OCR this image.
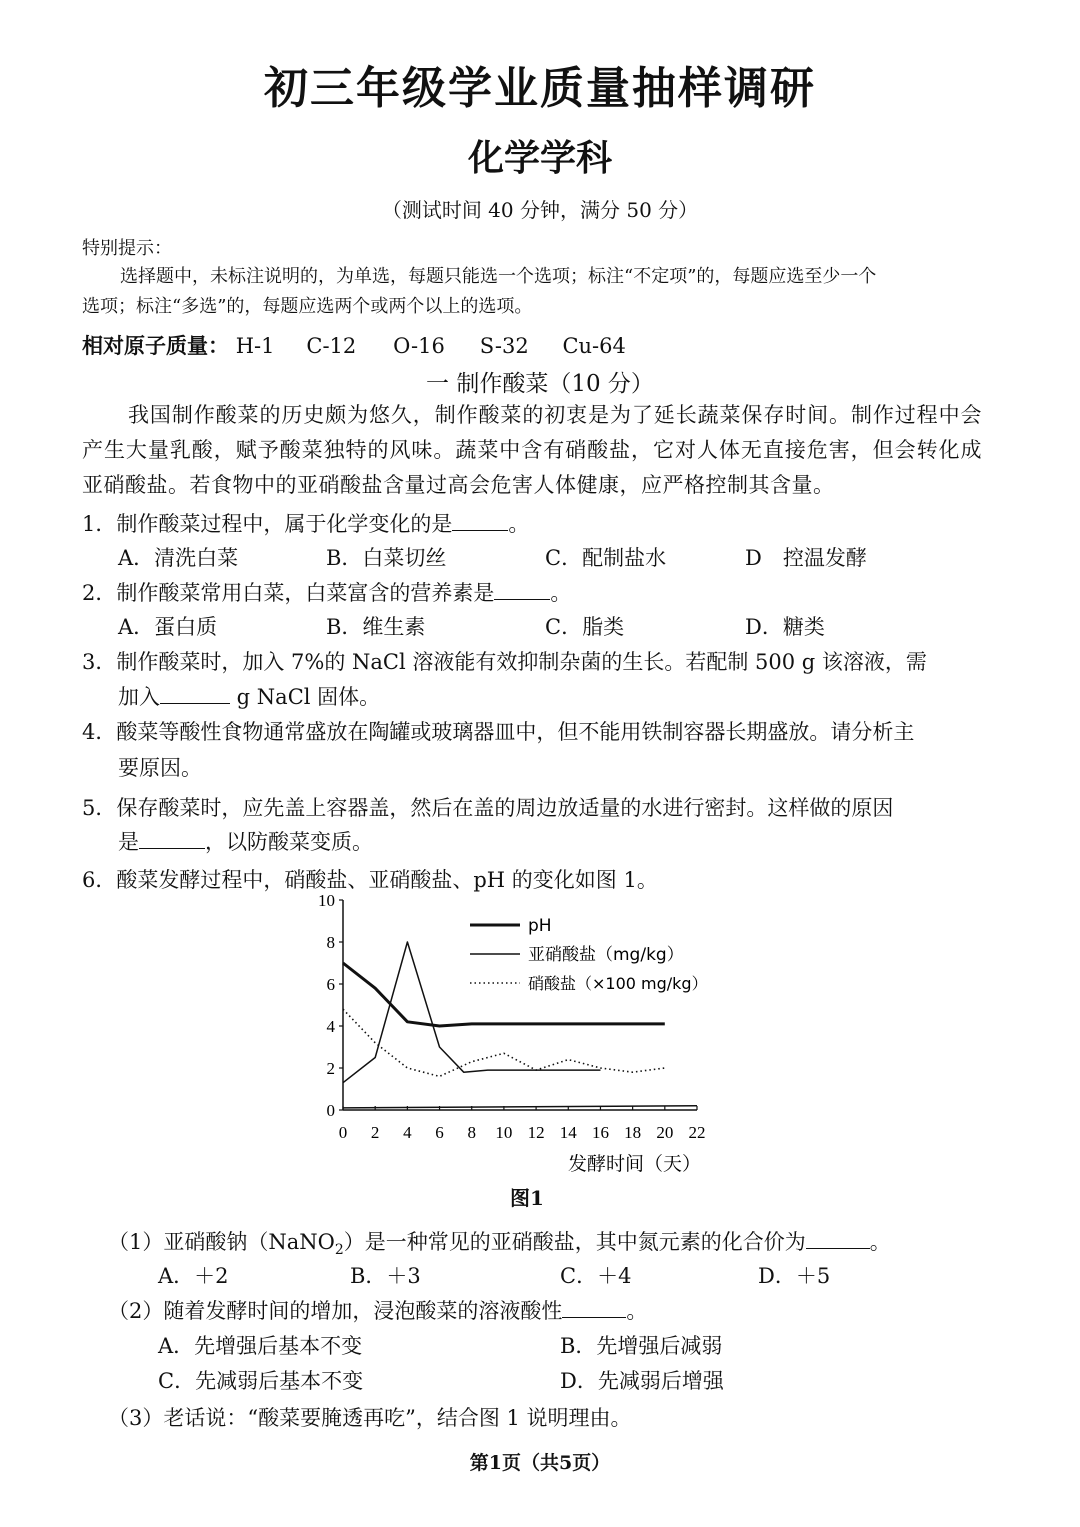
初三年级学业质量抽样调研
化学学科
（测试时间 40 分钟，满分 50 分）
特别提示：
选择题中，未标注说明的，为单选，每题只能选一个选项；标注“不定项”的，每题应选至少一个
选项；标注“多选”的，每题应选两个或两个以上的选项。
相对原子质量： H-1 C-12 O-16 S-32 Cu-64
一 制作酸菜（10 分）

我国制作酸菜的历史颇为悠久，制作酸菜的初衷是为了延长蔬菜保存时间。制作过程中会产生大量乳酸，赋予酸菜独特的风味。蔬菜中含有硝酸盐，它对人体无直接危害，但会转化成亚硝酸盐。若食物中的亚硝酸盐含量过高会危害人体健康，应严格控制其含量。

1．制作酸菜过程中，属于化学变化的是	。
A．清洗白菜	B．白菜切丝	C．配制盐水	D　控温发酵
2．制作酸菜常用白菜，白菜富含的营养素是	。
A．蛋白质	B．维生素	C．脂类	D．糖类
3．制作酸菜时，加入 7%的 NaCl 溶液能有效抑制杂菌的生长。若配制 500 g 该溶液，需
加入	g NaCl 固体。
4．酸菜等酸性食物通常盛放在陶罐或玻璃器皿中，但不能用铁制容器长期盛放。请分析主
要原因。
5．保存酸菜时，应先盖上容器盖，然后在盖的周边放适量的水进行密封。这样做的原因
是	，以防酸菜变质。
6．酸菜发酵过程中，硝酸盐、亚硝酸盐、pH 的变化如图 1。
0
2
4
6
8
10
0 2 4 6 8 10 12 14 16 18 20 22
发酵时间（天）
pH
亚硝酸盐（mg/kg）
硝酸盐（×100 mg/kg）
图1
（1）亚硝酸钠（NaNO$_2$）是一种常见的亚硝酸盐，其中氮元素的化合价为	。
A．＋2	B．＋3	C．＋4	D．＋5
（2）随着发酵时间的增加，浸泡酸菜的溶液酸性	。
A．先增强后基本不变	B．先增强后减弱
C．先减弱后基本不变	D．先减弱后增强
（3）老话说：“酸菜要腌透再吃”，结合图 1 说明理由。
第1页（共5页）
